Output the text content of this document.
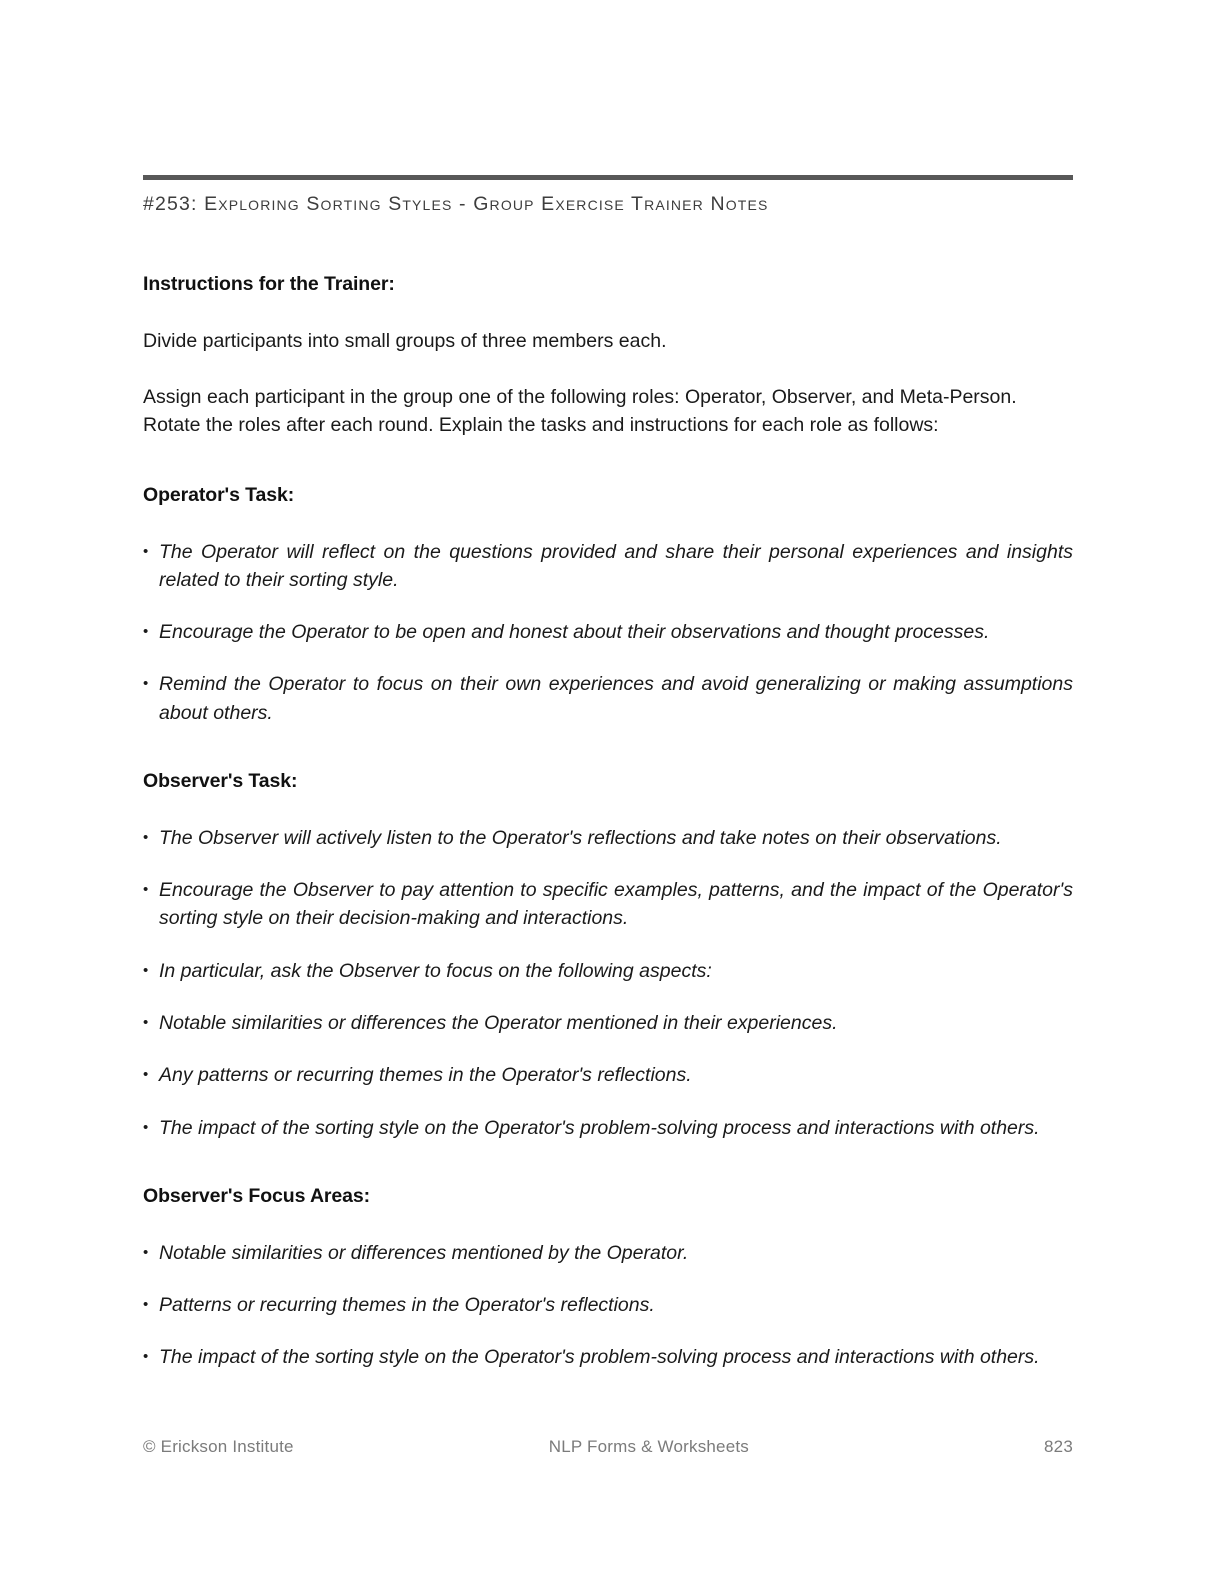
#253: Exploring Sorting Styles - Group Exercise Trainer Notes
Instructions for the Trainer:
Divide participants into small groups of three members each.
Assign each participant in the group one of the following roles: Operator, Observer, and Meta-Person. Rotate the roles after each round. Explain the tasks and instructions for each role as follows:
Operator's Task:
• The Operator will reflect on the questions provided and share their personal experiences and insights related to their sorting style.
• Encourage the Operator to be open and honest about their observations and thought processes.
• Remind the Operator to focus on their own experiences and avoid generalizing or making assumptions about others.
Observer's Task:
• The Observer will actively listen to the Operator's reflections and take notes on their observations.
• Encourage the Observer to pay attention to specific examples, patterns, and the impact of the Operator's sorting style on their decision-making and interactions.
• In particular, ask the Observer to focus on the following aspects:
• Notable similarities or differences the Operator mentioned in their experiences.
• Any patterns or recurring themes in the Operator's reflections.
• The impact of the sorting style on the Operator's problem-solving process and interactions with others.
Observer's Focus Areas:
• Notable similarities or differences mentioned by the Operator.
• Patterns or recurring themes in the Operator's reflections.
• The impact of the sorting style on the Operator's problem-solving process and interactions with others.
© Erickson Institute	NLP Forms & Worksheets	823
